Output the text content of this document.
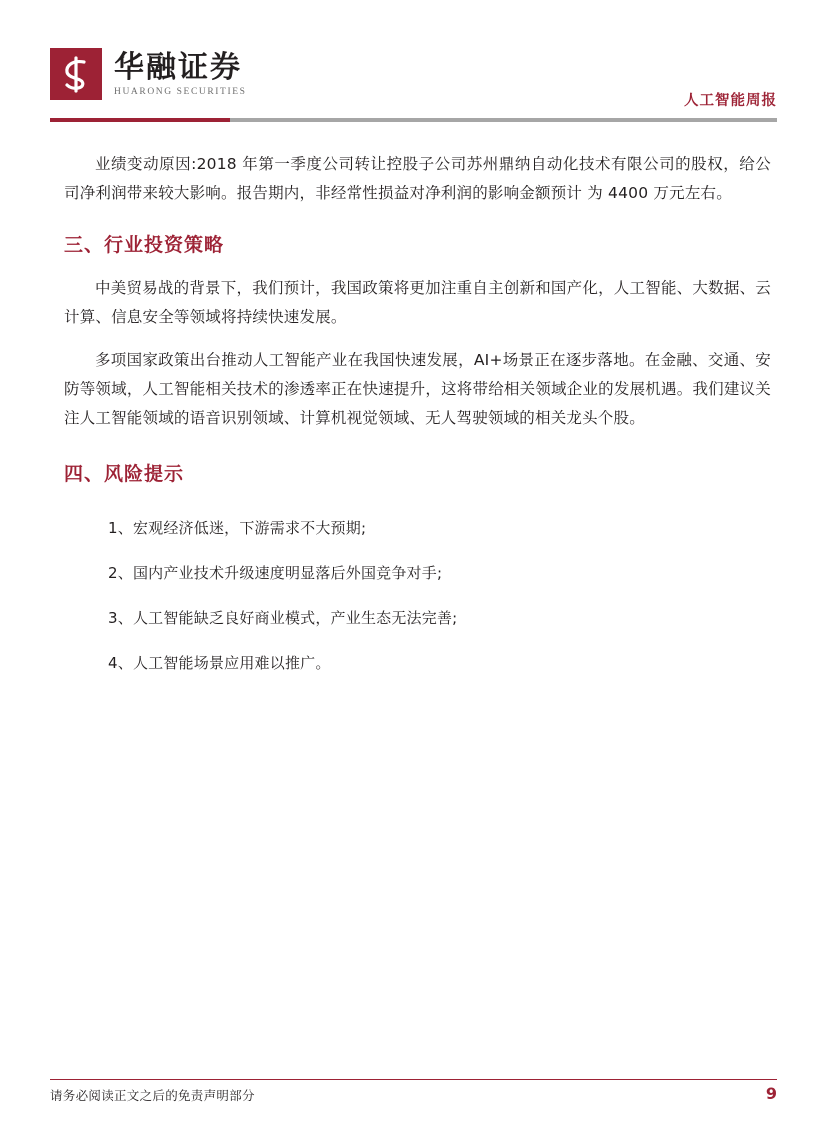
华融证券
HUARONG SECURITIES
人工智能周报

业绩变动原因:2018 年第一季度公司转让控股子公司苏州鼎纳自动化技术有限公司的股权，给公司净利润带来较大影响。报告期内，非经常性损益对净利润的影响金额预计 为 4400 万元左右。

三、行业投资策略

中美贸易战的背景下，我们预计，我国政策将更加注重自主创新和国产化，人工智能、大数据、云计算、信息安全等领域将持续快速发展。

多项国家政策出台推动人工智能产业在我国快速发展，AI+场景正在逐步落地。在金融、交通、安防等领域，人工智能相关技术的渗透率正在快速提升，这将带给相关领域企业的发展机遇。我们建议关注人工智能领域的语音识别领域、计算机视觉领域、无人驾驶领域的相关龙头个股。

四、风险提示
1、宏观经济低迷，下游需求不大预期;
2、国内产业技术升级速度明显落后外国竞争对手;
3、人工智能缺乏良好商业模式，产业生态无法完善;
4、人工智能场景应用难以推广。
请务必阅读正文之后的免责声明部分	9
